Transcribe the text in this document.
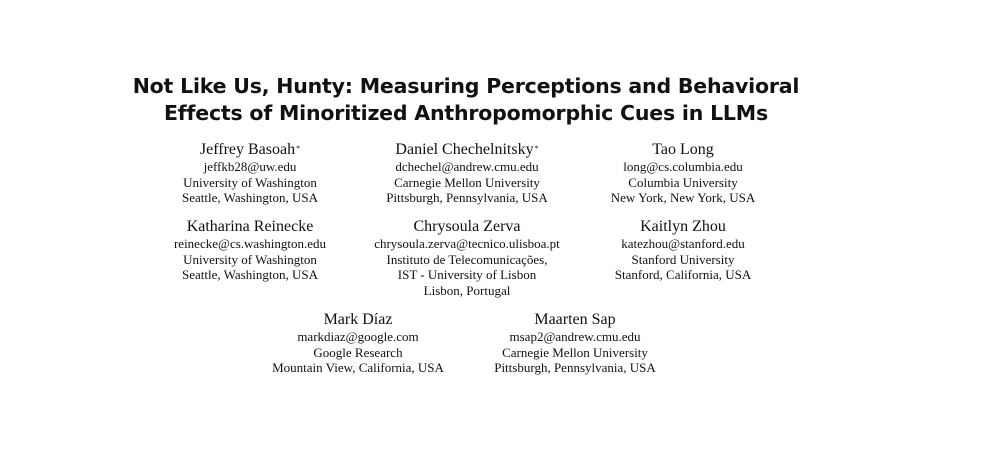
Not Like Us, Hunty: Measuring Perceptions and Behavioral
Effects of Minoritized Anthropomorphic Cues in LLMs
Jeffrey Basoah*
jeffkb28@uw.edu
University of Washington
Seattle, Washington, USA
Daniel Chechelnitsky*
dchechel@andrew.cmu.edu
Carnegie Mellon University
Pittsburgh, Pennsylvania, USA
Tao Long
long@cs.columbia.edu
Columbia University
New York, New York, USA
Katharina Reinecke
reinecke@cs.washington.edu
University of Washington
Seattle, Washington, USA
Chrysoula Zerva
chrysoula.zerva@tecnico.ulisboa.pt
Instituto de Telecomunicações,
IST - University of Lisbon
Lisbon, Portugal
Kaitlyn Zhou
katezhou@stanford.edu
Stanford University
Stanford, California, USA
Mark Díaz
markdiaz@google.com
Google Research
Mountain View, California, USA
Maarten Sap
msap2@andrew.cmu.edu
Carnegie Mellon University
Pittsburgh, Pennsylvania, USA
